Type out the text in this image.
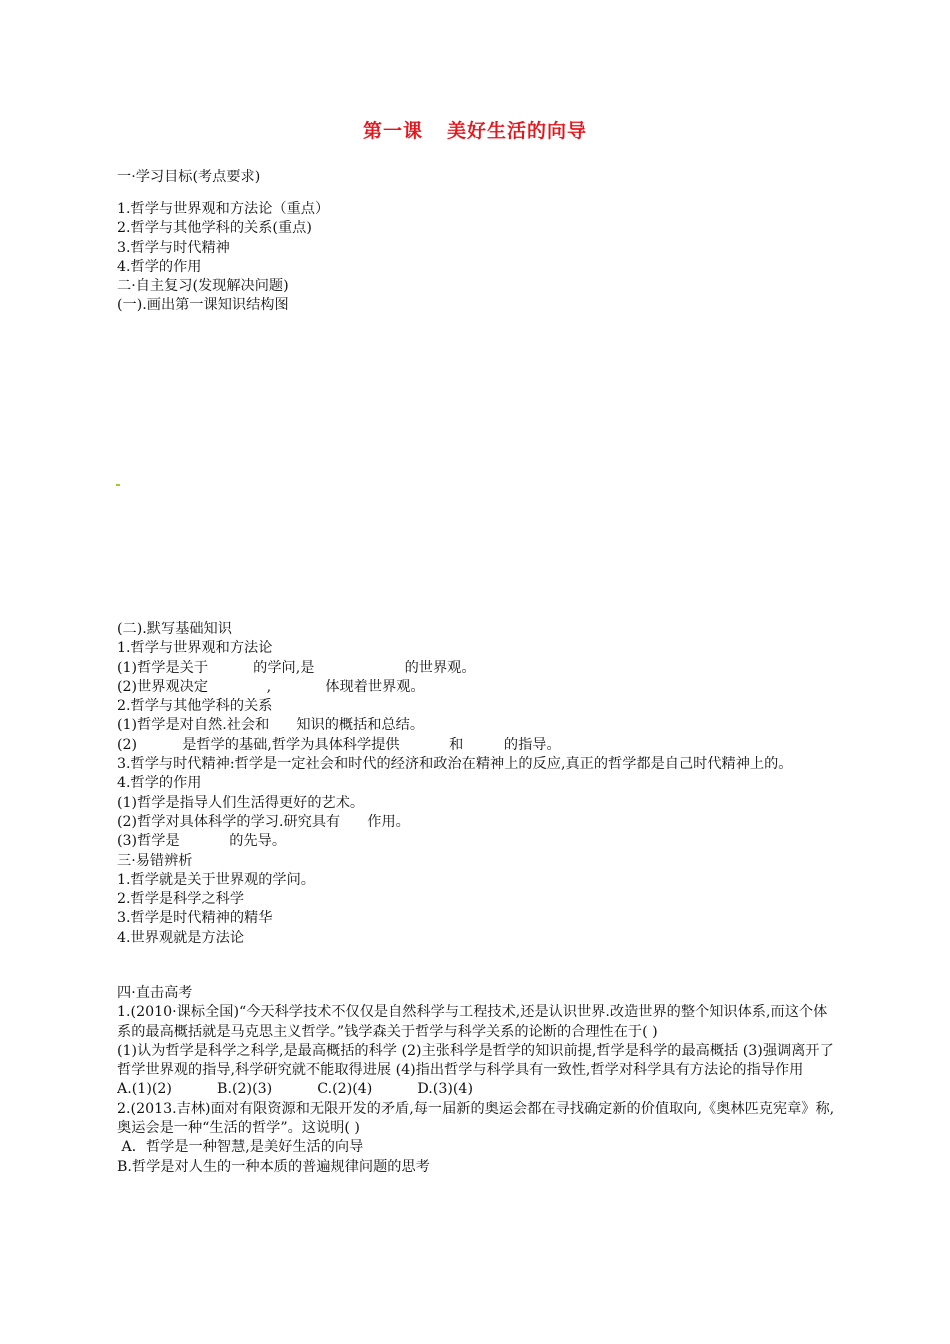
第一课 美好生活的向导
一·学习目标(考点要求)
1.哲学与世界观和方法论（重点）
2.哲学与其他学科的关系(重点)
3.哲学与时代精神
4.哲学的作用
二·自主复习(发现解决问题)
(一).画出第一课知识结构图
(二).默写基础知识
1.哲学与世界观和方法论
(1)哲学是关于          的学问,是                    的世界观。
(2)世界观决定             ,            体现着世界观。
2.哲学与其他学科的关系
(1)哲学是对自然.社会和      知识的概括和总结。
(2)          是哲学的基础,哲学为具体科学提供           和         的指导。
3.哲学与时代精神:哲学是一定社会和时代的经济和政治在精神上的反应,真正的哲学都是自己时代精神上的。
4.哲学的作用
(1)哲学是指导人们生活得更好的艺术。
(2)哲学对具体科学的学习.研究具有      作用。
(3)哲学是           的先导。
三·易错辨析
1.哲学就是关于世界观的学问。
2.哲学是科学之科学
3.哲学是时代精神的精华
4.世界观就是方法论
四·直击高考
1.(2010·课标全国)“今天科学技术不仅仅是自然科学与工程技术,还是认识世界.改造世界的整个知识体系,而这个体系的最高概括就是马克思主义哲学。”钱学森关于哲学与科学关系的论断的合理性在于( )
(1)认为哲学是科学之科学,是最高概括的科学 (2)主张科学是哲学的知识前提,哲学是科学的最高概括 (3)强调离开了哲学世界观的指导,科学研究就不能取得进展 (4)指出哲学与科学具有一致性,哲学对科学具有方法论的指导作用
A.(1)(2)          B.(2)(3)          C.(2)(4)          D.(3)(4)
2.(2013.吉林)面对有限资源和无限开发的矛盾,每一届新的奥运会都在寻找确定新的价值取向,《奥林匹克宪章》称,奥运会是一种“生活的哲学”。这说明( )
A．哲学是一种智慧,是美好生活的向导
B.哲学是对人生的一种本质的普遍规律问题的思考
